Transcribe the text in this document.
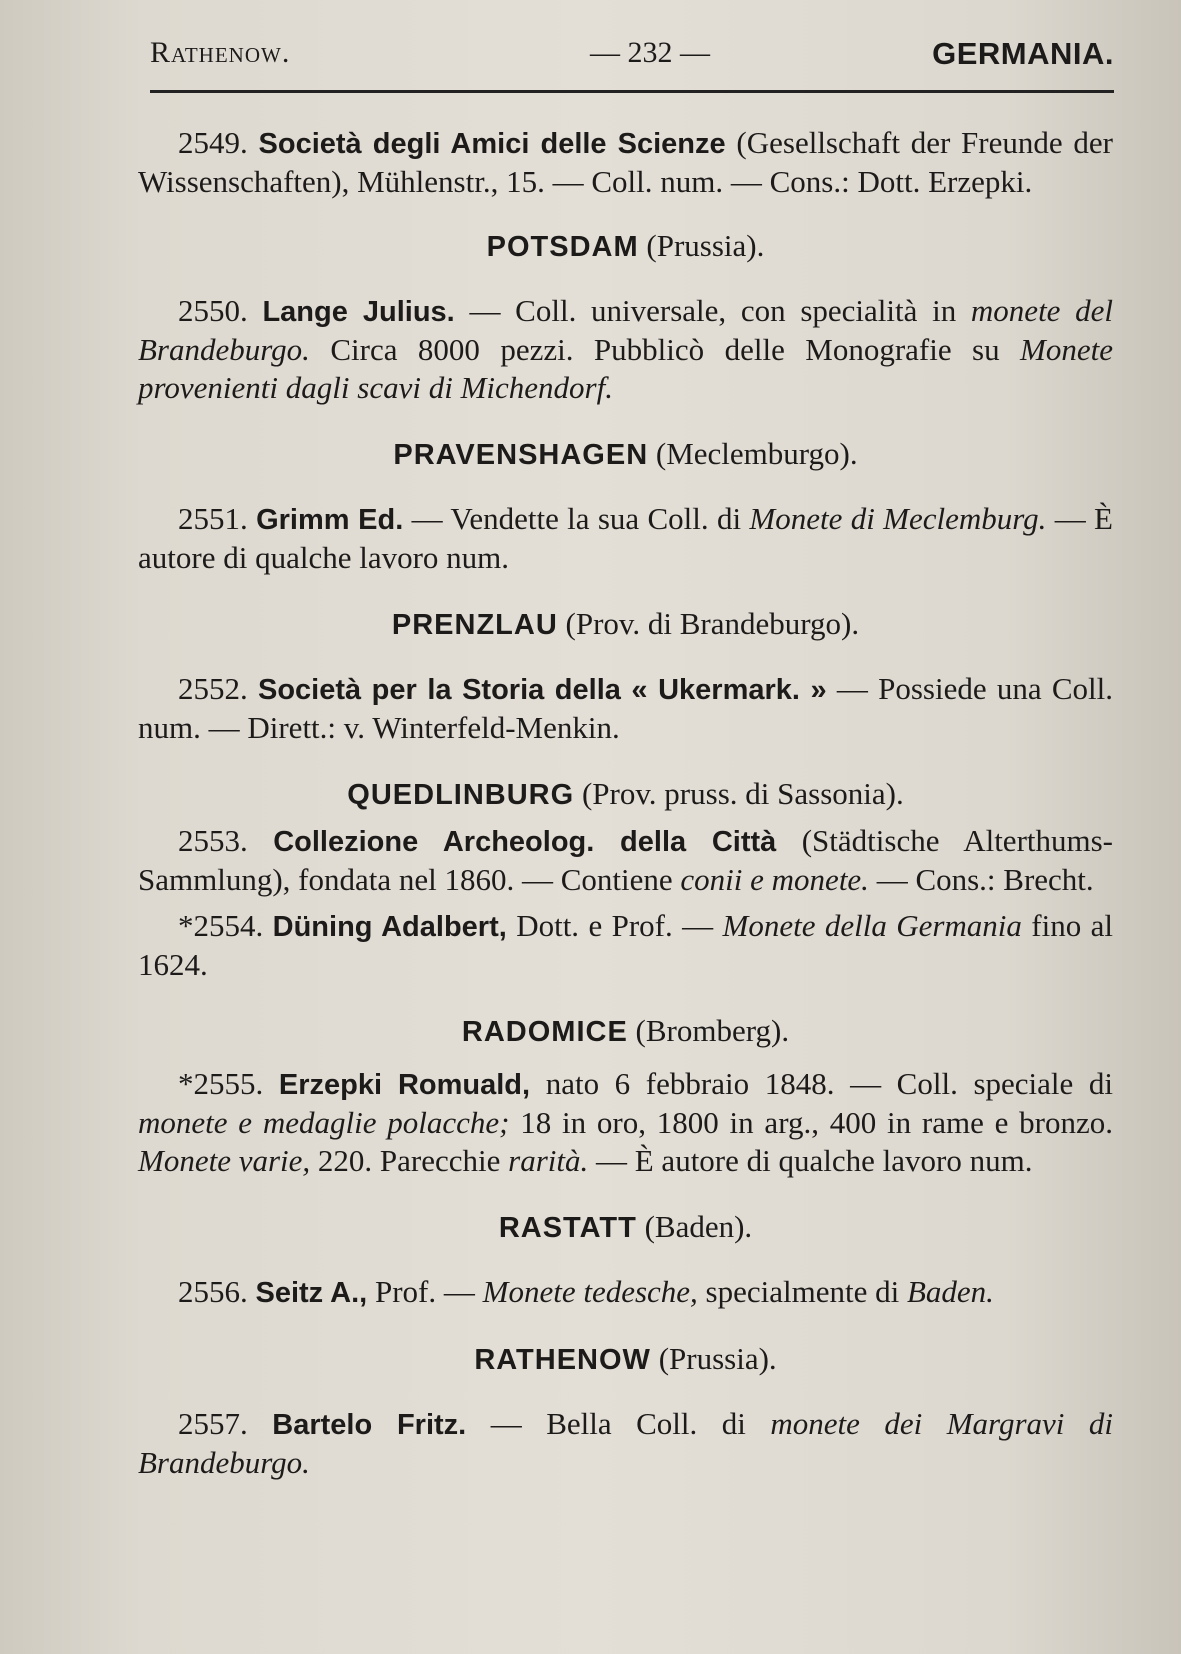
Rathenow.	— 232 —	GERMANIA.

2549. Società degli Amici delle Scienze (Gesellschaft der Freunde der Wissenschaften), Mühlenstr., 15. — Coll. num. — Cons.: Dott. Erzepki.

POTSDAM (Prussia).

2550. Lange Julius. — Coll. universale, con specialità in monete del Brandeburgo. Circa 8000 pezzi. Pubblicò delle Monografie su Monete provenienti dagli scavi di Michendorf.

PRAVENSHAGEN (Meclemburgo).

2551. Grimm Ed. — Vendette la sua Coll. di Monete di Meclemburg. — È autore di qualche lavoro num.

PRENZLAU (Prov. di Brandeburgo).

2552. Società per la Storia della « Ukermark. » — Possiede una Coll. num. — Dirett.: v. Winterfeld-Menkin.

QUEDLINBURG (Prov. pruss. di Sassonia).

2553. Collezione Archeolog. della Città (Städtische Alterthums-Sammlung), fondata nel 1860. — Contiene conii e monete. — Cons.: Brecht.

*2554. Düning Adalbert, Dott. e Prof. — Monete della Germania fino al 1624.

RADOMICE (Bromberg).

*2555. Erzepki Romuald, nato 6 febbraio 1848. — Coll. speciale di monete e medaglie polacche; 18 in oro, 1800 in arg., 400 in rame e bronzo. Monete varie, 220. Parecchie rarità. — È autore di qualche lavoro num.

RASTATT (Baden).

2556. Seitz A., Prof. — Monete tedesche, specialmente di Baden.

RATHENOW (Prussia).

2557. Bartelo Fritz. — Bella Coll. di monete dei Margravi di Brandeburgo.
